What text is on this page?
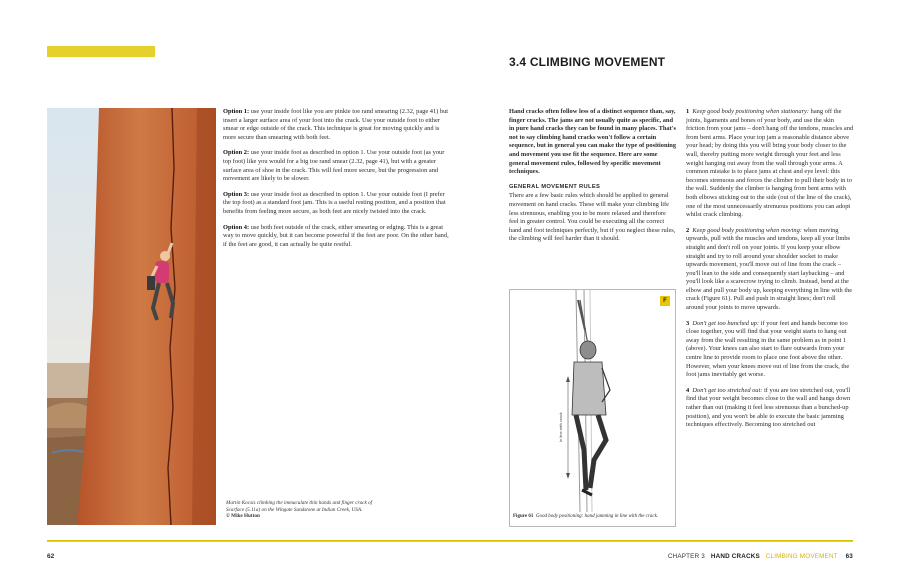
3.4 CLIMBING MOVEMENT
Martin Kocsis climbing the immaculate thin hands and finger crack of Scarface (5.11a) on the Wingate Sandstone at Indian Creek, USA.
© Mike Hutton

Option 1: use your inside foot like you are pinkie toe rand smearing (2.32, page 41) but insert a larger surface area of your foot into the crack. Use your outside foot to either smear or edge outside of the crack. This technique is great for moving quickly and is more secure than smearing with both feet.

Option 2: use your inside foot as described in option 1. Use your outside foot (as your top foot) like you would for a big toe rand smear (2.32, page 41), but with a greater surface area of shoe in the crack. This will feel more secure, but the progression and movement are likely to be slower.

Option 3: use your inside foot as described in option 1. Use your outside foot (I prefer the top foot) as a standard foot jam. This is a useful resting position, and a position that benefits from feeling more secure, as both feet are nicely twisted into the crack.

Option 4: use both feet outside of the crack, either smearing or edging. This is a great way to move quickly, but it can become powerful if the feet are poor. On the other hand, if the feet are good, it can actually be quite restful.

Hand cracks often follow less of a distinct sequence than, say, finger cracks. The jams are not usually quite as specific, and in pure hand cracks they can be found in many places. That's not to say climbing hand cracks won't follow a certain sequence, but in general you can make the type of positioning and movement you use fit the sequence. Here are some general movement rules, followed by specific movement techniques.

GENERAL MOVEMENT RULES

There are a few basic rules which should be applied to general movement on hand cracks. These will make your climbing life less strenuous, enabling you to be more relaxed and therefore feel in greater control. You could be executing all the correct hand and foot techniques perfectly, but if you neglect these rules, the climbing will feel harder than it should.

F
In line with crack
Figure 61 Good body positioning: hand jamming in line with the crack.

1 Keep good body positioning when stationary: hang off the joints, ligaments and bones of your body, and use the skin friction from your jams – don't hang off the tendons, muscles and from bent arms. Place your top jam a reasonable distance above your head; by doing this you will bring your body closer to the wall, thereby putting more weight through your feet and less weight hanging out away from the wall through your arms. A common mistake is to place jams at chest and eye level: this becomes strenuous and forces the climber to pull their body in to the wall. Suddenly the climber is hanging from bent arms with both elbows sticking out to the side (out of the line of the crack), one of the most unnecessarily strenuous positions you can adopt whilst crack climbing.

2 Keep good body positioning when moving: when moving upwards, pull with the muscles and tendons, keep all your limbs straight and don't roll on your joints. If you keep your elbow straight and try to roll around your shoulder socket to make upwards movement, you'll move out of line from the crack – you'll lean to the side and consequently start laybacking – and you'll look like a scarecrow trying to climb. Instead, bend at the elbow and pull your body up, keeping everything in line with the crack (Figure 61). Pull and push in straight lines; don't roll around your joints to move upwards.

3 Don't get too bunched up: if your feet and hands become too close together, you will find that your weight starts to hang out away from the wall resulting in the same problem as in point 1 (above). Your knees can also start to flare outwards from your centre line to provide room to place one foot above the other. However, when your knees move out of line from the crack, the foot jams inevitably get worse.

4 Don't get too stretched out: if you are too stretched out, you'll find that your weight becomes close to the wall and hangs down rather than out (making it feel less strenuous than a bunched-up position), and you won't be able to execute the basic jamming techniques effectively. Becoming too stretched out

62	CHAPTER 3 HAND CRACKS CLIMBING MOVEMENT 63
